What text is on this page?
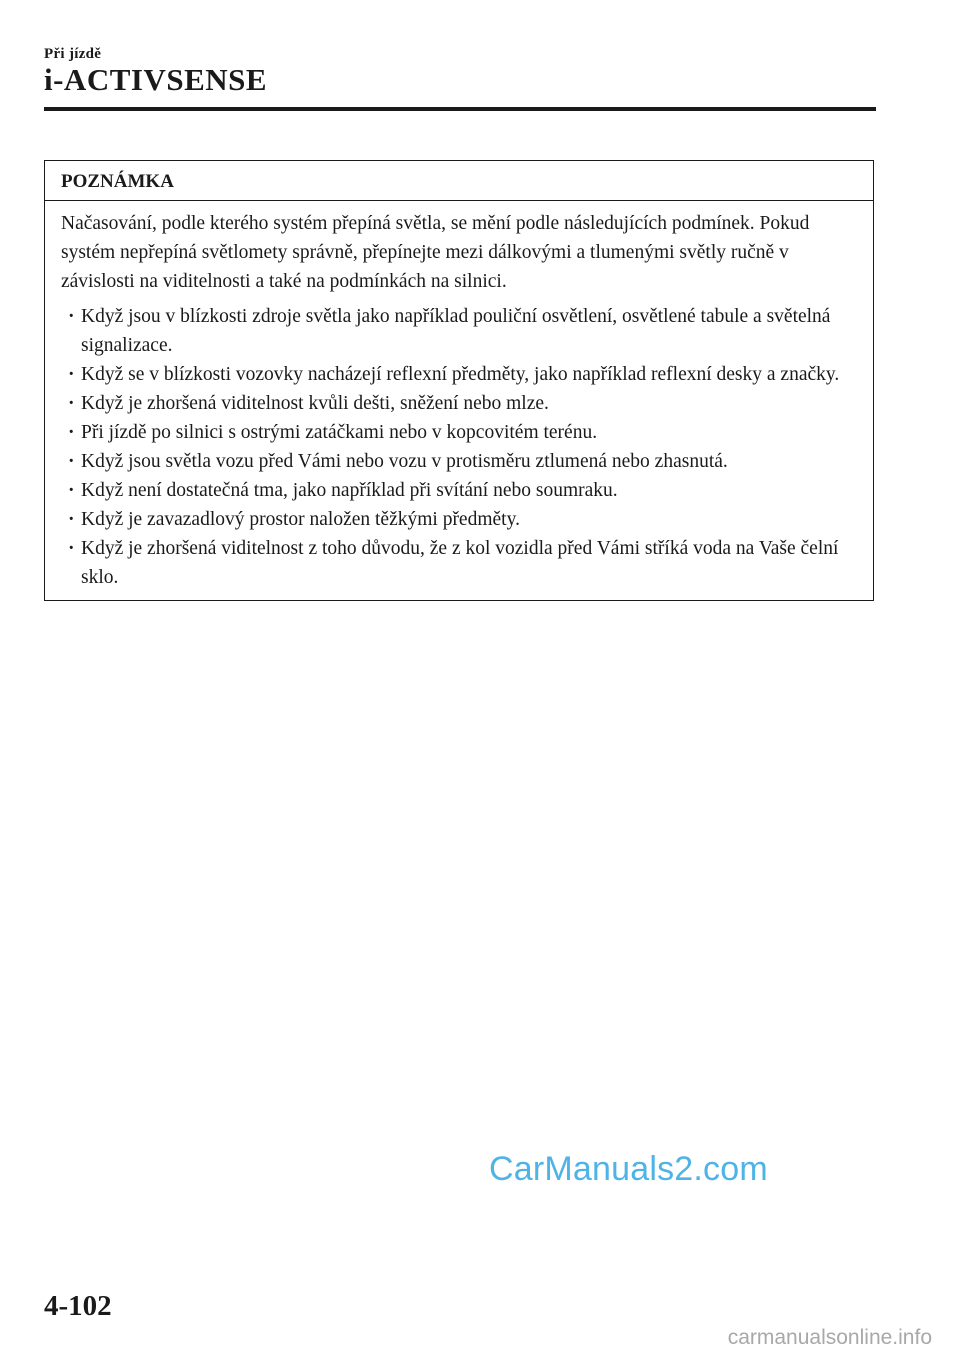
Při jízdě
i-ACTIVSENSE
POZNÁMKA

Načasování, podle kterého systém přepíná světla, se mění podle následujících podmínek. Pokud systém nepřepíná světlomety správně, přepínejte mezi dálkovými a tlumenými světly ručně v závislosti na viditelnosti a také na podmínkách na silnici.

· Když jsou v blízkosti zdroje světla jako například pouliční osvětlení, osvětlené tabule a světelná signalizace.
· Když se v blízkosti vozovky nacházejí reflexní předměty, jako například reflexní desky a značky.
· Když je zhoršená viditelnost kvůli dešti, sněžení nebo mlze.
· Při jízdě po silnici s ostrými zatáčkami nebo v kopcovitém terénu.
· Když jsou světla vozu před Vámi nebo vozu v protisměru ztlumená nebo zhasnutá.
· Když není dostatečná tma, jako například při svítání nebo soumraku.
· Když je zavazadlový prostor naložen těžkými předměty.
· Když je zhoršená viditelnost z toho důvodu, že z kol vozidla před Vámi stříká voda na Vaše čelní sklo.
CarManuals2.com
4-102
carmanualsonline.info
